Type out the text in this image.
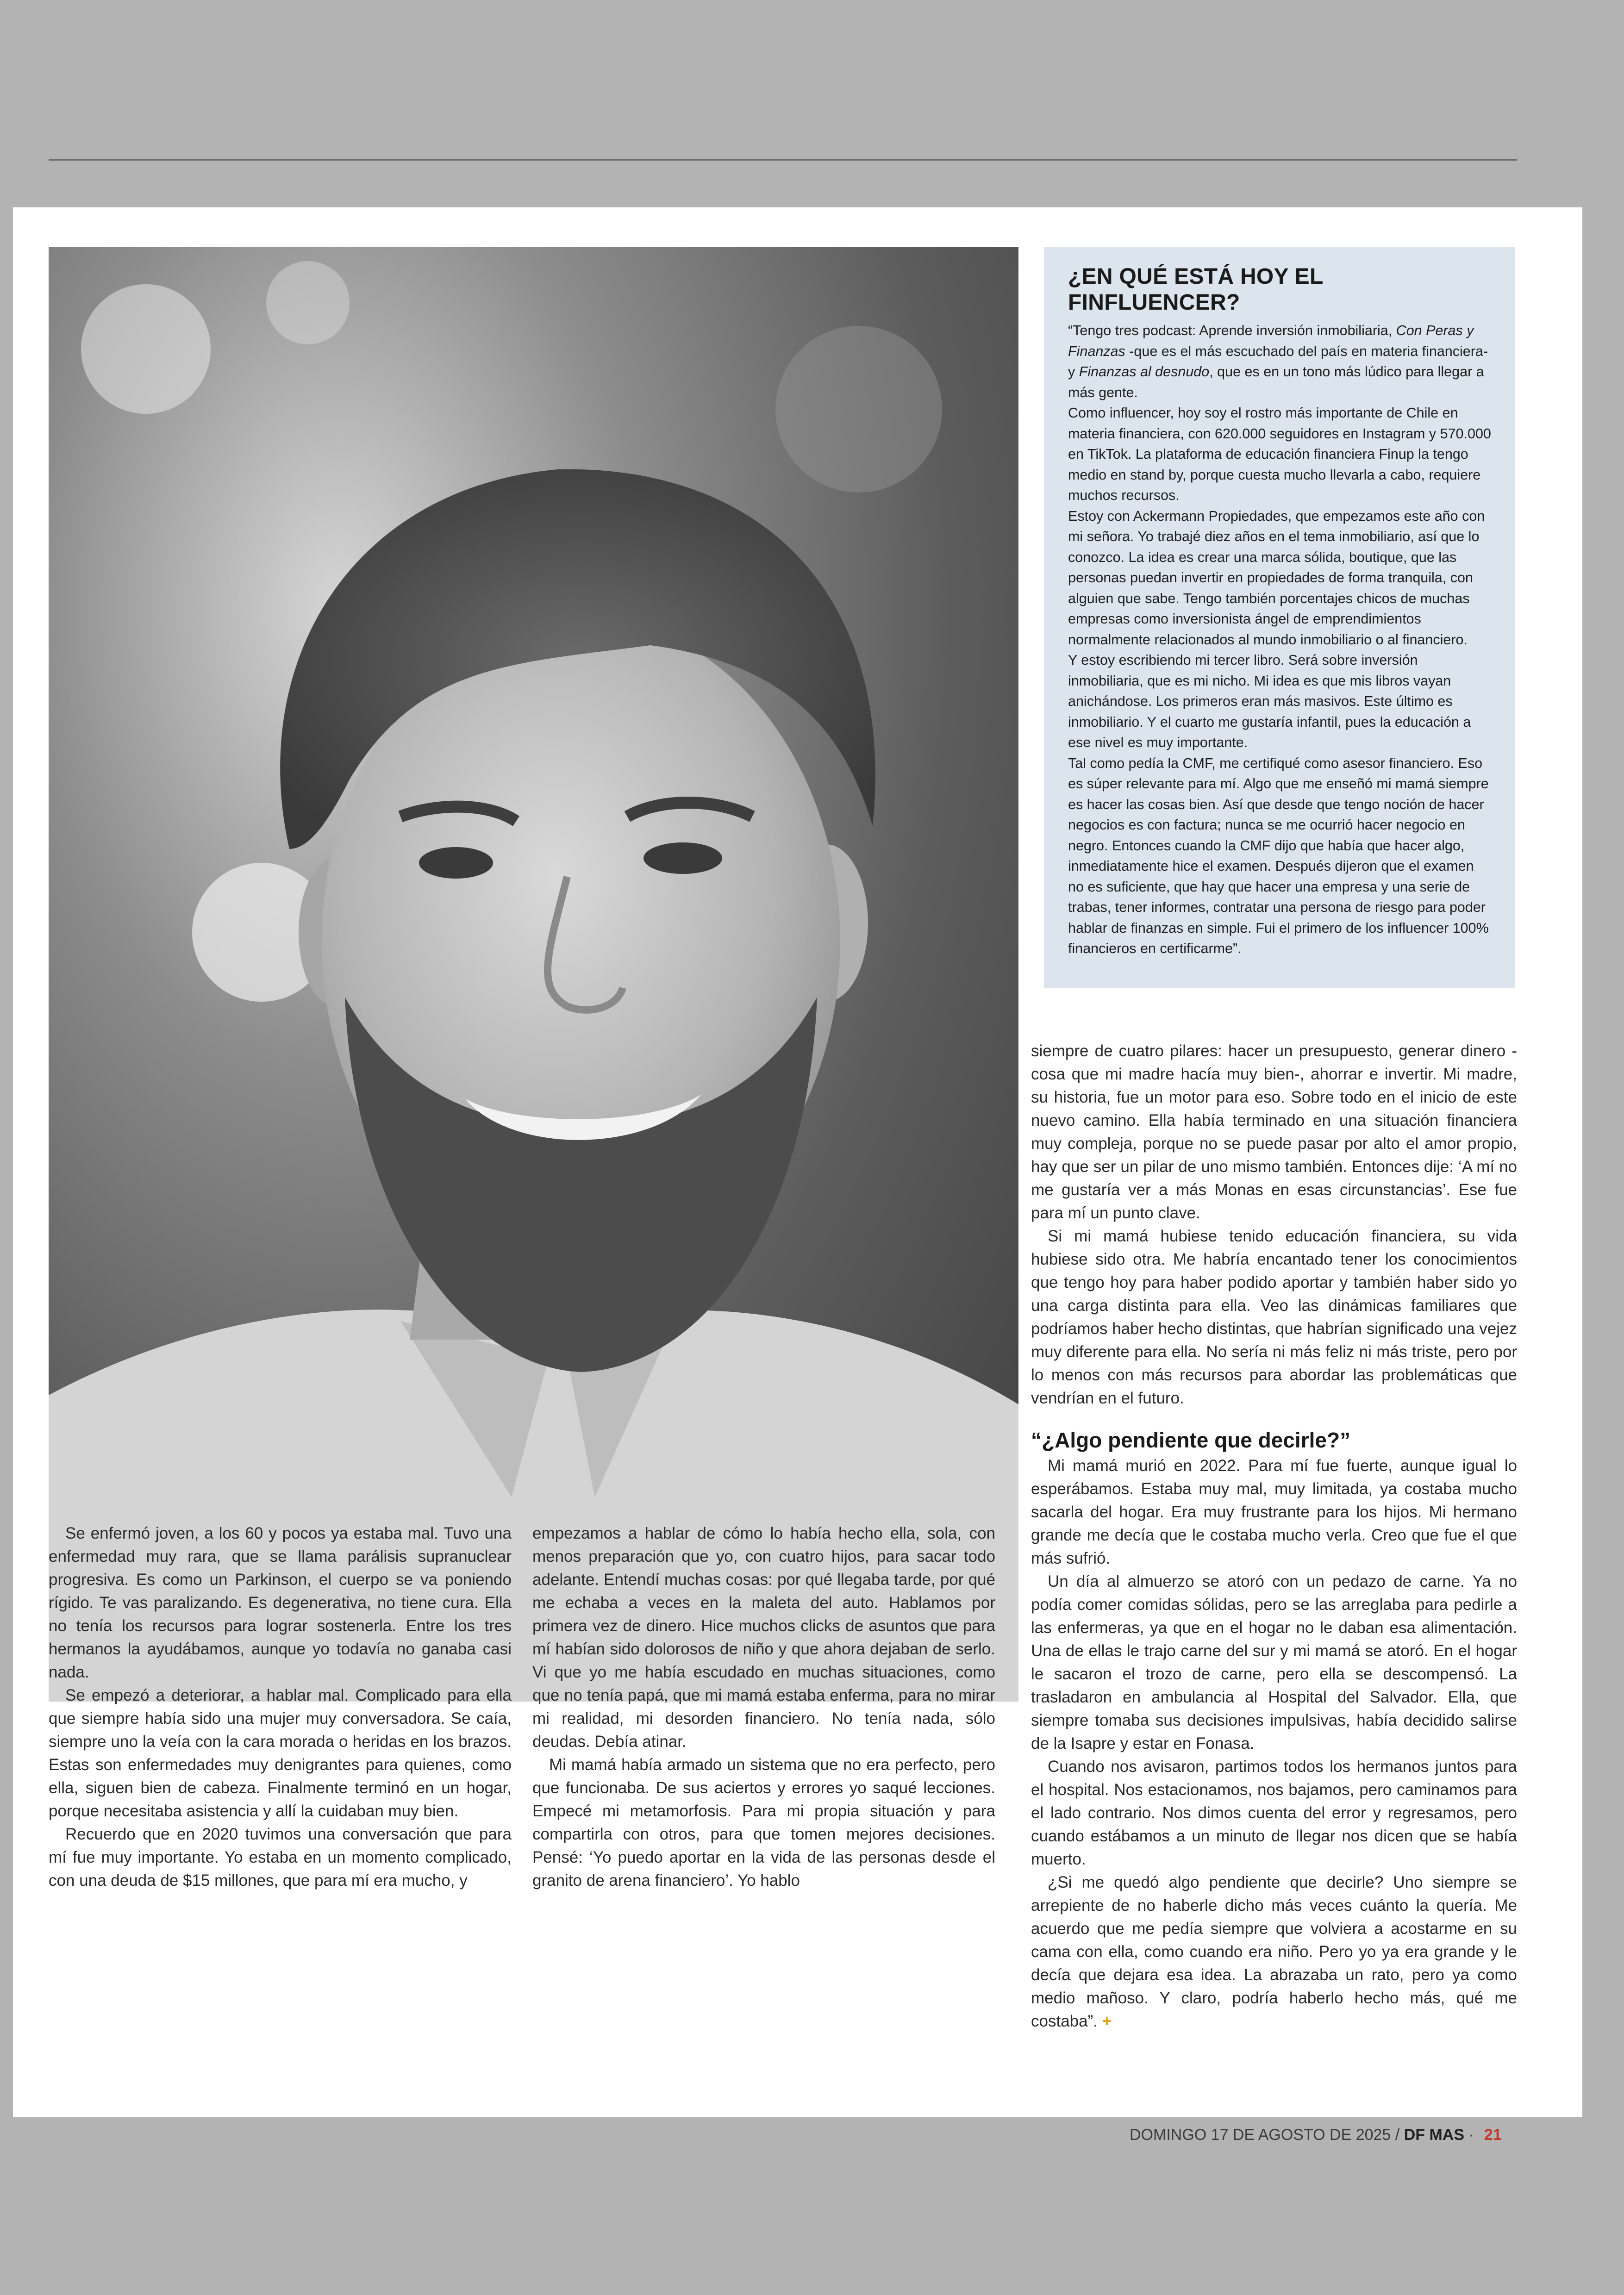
¿EN QUÉ ESTÁ HOY EL FINFLUENCER?

“Tengo tres podcast: Aprende inversión inmobiliaria, Con Peras y Finanzas -que es el más escuchado del país en materia financiera- y Finanzas al desnudo, que es en un tono más lúdico para llegar a más gente.

Como influencer, hoy soy el rostro más importante de Chile en materia financiera, con 620.000 seguidores en Instagram y 570.000 en TikTok. La plataforma de educación financiera Finup la tengo medio en stand by, porque cuesta mucho llevarla a cabo, requiere muchos recursos.

Estoy con Ackermann Propiedades, que empezamos este año con mi señora. Yo trabajé diez años en el tema inmobiliario, así que lo conozco. La idea es crear una marca sólida, boutique, que las personas puedan invertir en propiedades de forma tranquila, con alguien que sabe. Tengo también porcentajes chicos de muchas empresas como inversionista ángel de emprendimientos normalmente relacionados al mundo inmobiliario o al financiero.

Y estoy escribiendo mi tercer libro. Será sobre inversión inmobiliaria, que es mi nicho. Mi idea es que mis libros vayan anichándose. Los primeros eran más masivos. Este último es inmobiliario. Y el cuarto me gustaría infantil, pues la educación a ese nivel es muy importante.

Tal como pedía la CMF, me certifiqué como asesor financiero. Eso es súper relevante para mí. Algo que me enseñó mi mamá siempre es hacer las cosas bien. Así que desde que tengo noción de hacer negocios es con factura; nunca se me ocurrió hacer negocio en negro. Entonces cuando la CMF dijo que había que hacer algo, inmediatamente hice el examen. Después dijeron que el examen no es suficiente, que hay que hacer una empresa y una serie de trabas, tener informes, contratar una persona de riesgo para poder hablar de finanzas en simple. Fui el primero de los influencer 100% financieros en certificarme”.

Se enfermó joven, a los 60 y pocos ya estaba mal. Tuvo una enfermedad muy rara, que se llama parálisis supranuclear progresiva. Es como un Parkinson, el cuerpo se va poniendo rígido. Te vas paralizando. Es degenerativa, no tiene cura. Ella no tenía los recursos para lograr sostenerla. Entre los tres hermanos la ayudábamos, aunque yo todavía no ganaba casi nada.

Se empezó a deteriorar, a hablar mal. Complicado para ella que siempre había sido una mujer muy conversadora. Se caía, siempre uno la veía con la cara morada o heridas en los brazos. Estas son enfermedades muy denigrantes para quienes, como ella, siguen bien de cabeza. Finalmente terminó en un hogar, porque necesitaba asistencia y allí la cuidaban muy bien.

Recuerdo que en 2020 tuvimos una conversación que para mí fue muy importante. Yo estaba en un momento complicado, con una deuda de $15 millones, que para mí era mucho, y

empezamos a hablar de cómo lo había hecho ella, sola, con menos preparación que yo, con cuatro hijos, para sacar todo adelante. Entendí muchas cosas: por qué llegaba tarde, por qué me echaba a veces en la maleta del auto. Hablamos por primera vez de dinero. Hice muchos clicks de asuntos que para mí habían sido dolorosos de niño y que ahora dejaban de serlo. Vi que yo me había escudado en muchas situaciones, como que no tenía papá, que mi mamá estaba enferma, para no mirar mi realidad, mi desorden financiero. No tenía nada, sólo deudas. Debía atinar.

Mi mamá había armado un sistema que no era perfecto, pero que funcionaba. De sus aciertos y errores yo saqué lecciones. Empecé mi metamorfosis. Para mi propia situación y para compartirla con otros, para que tomen mejores decisiones. Pensé: ‘Yo puedo aportar en la vida de las personas desde el granito de arena financiero’. Yo hablo

siempre de cuatro pilares: hacer un presupuesto, generar dinero -cosa que mi madre hacía muy bien-, ahorrar e invertir. Mi madre, su historia, fue un motor para eso. Sobre todo en el inicio de este nuevo camino. Ella había terminado en una situación financiera muy compleja, porque no se puede pasar por alto el amor propio, hay que ser un pilar de uno mismo también. Entonces dije: ‘A mí no me gustaría ver a más Monas en esas circunstancias’. Ese fue para mí un punto clave.

Si mi mamá hubiese tenido educación financiera, su vida hubiese sido otra. Me habría encantado tener los conocimientos que tengo hoy para haber podido aportar y también haber sido yo una carga distinta para ella. Veo las dinámicas familiares que podríamos haber hecho distintas, que habrían significado una vejez muy diferente para ella. No sería ni más feliz ni más triste, pero por lo menos con más recursos para abordar las problemáticas que vendrían en el futuro.

“¿Algo pendiente que decirle?”

Mi mamá murió en 2022. Para mí fue fuerte, aunque igual lo esperábamos. Estaba muy mal, muy limitada, ya costaba mucho sacarla del hogar. Era muy frustrante para los hijos. Mi hermano grande me decía que le costaba mucho verla. Creo que fue el que más sufrió.

Un día al almuerzo se atoró con un pedazo de carne. Ya no podía comer comidas sólidas, pero se las arreglaba para pedirle a las enfermeras, ya que en el hogar no le daban esa alimentación. Una de ellas le trajo carne del sur y mi mamá se atoró. En el hogar le sacaron el trozo de carne, pero ella se descompensó. La trasladaron en ambulancia al Hospital del Salvador. Ella, que siempre tomaba sus decisiones impulsivas, había decidido salirse de la Isapre y estar en Fonasa.

Cuando nos avisaron, partimos todos los hermanos juntos para el hospital. Nos estacionamos, nos bajamos, pero caminamos para el lado contrario. Nos dimos cuenta del error y regresamos, pero cuando estábamos a un minuto de llegar nos dicen que se había muerto.

¿Si me quedó algo pendiente que decirle? Uno siempre se arrepiente de no haberle dicho más veces cuánto la quería. Me acuerdo que me pedía siempre que volviera a acostarme en su cama con ella, como cuando era niño. Pero yo ya era grande y le decía que dejara esa idea. La abrazaba un rato, pero ya como medio mañoso. Y claro, podría haberlo hecho más, qué me costaba”. +

DOMINGO 17 DE AGOSTO DE 2025 / DF MAS · 21
